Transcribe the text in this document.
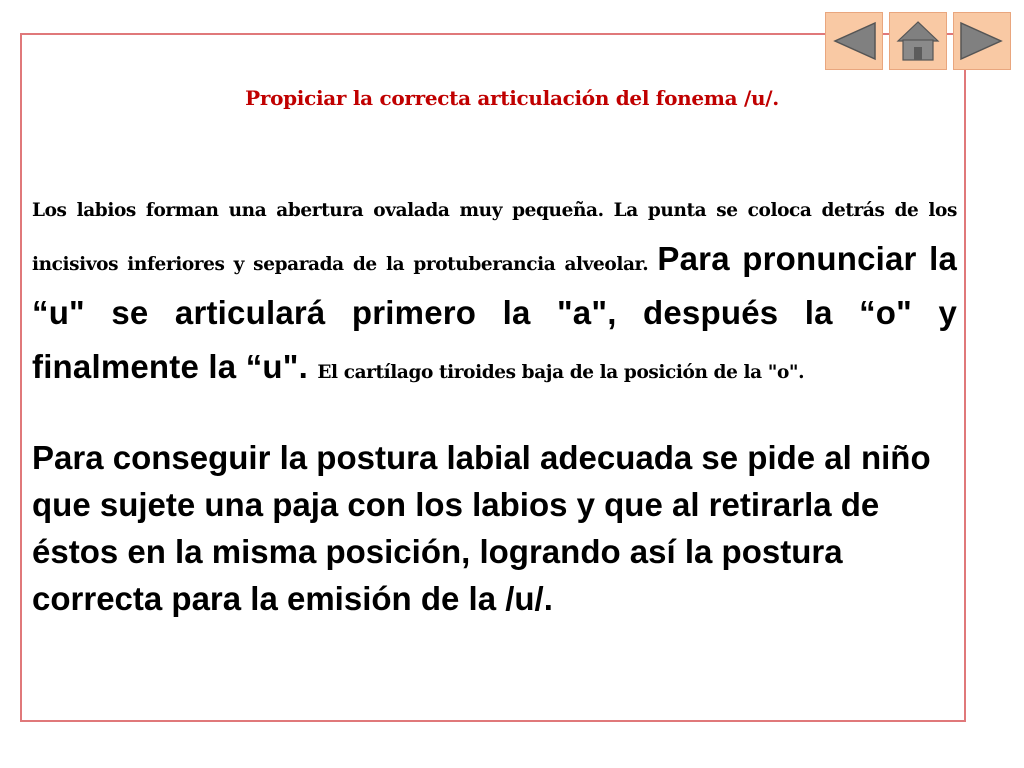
Propiciar la correcta articulación del fonema /u/.

Los labios forman una abertura ovalada muy pequeña. La punta se coloca detrás de los incisivos inferiores y separada de la protuberancia alveolar. Para pronunciar la “u" se articulará primero la "a", después la “o" y finalmente la “u". El cartílago tiroides baja de la posición de la "o".

Para conseguir la postura labial adecuada se pide al niño que sujete una paja con los labios y que al retirarla de éstos en la misma posición, logrando así la postura correcta para la emisión de la /u/.
